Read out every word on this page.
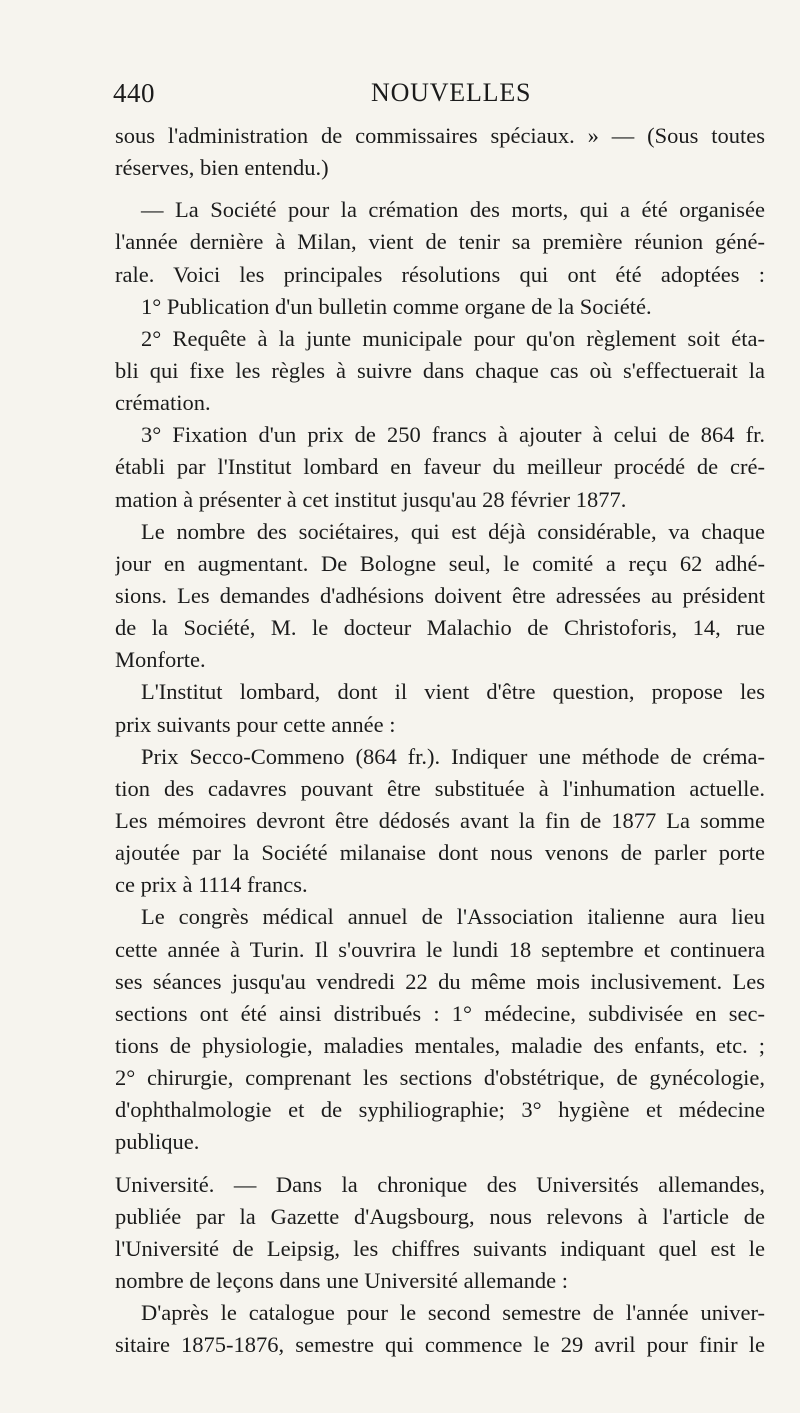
440	NOUVELLES
sous l'administration de commissaires spéciaux. » — (Sous toutes
réserves, bien entendu.)
— La Société pour la crémation des morts, qui a été organisée
l'année dernière à Milan, vient de tenir sa première réunion géné-
rale. Voici les principales résolutions qui ont été adoptées :
1° Publication d'un bulletin comme organe de la Société.
2° Requête à la junte municipale pour qu'on règlement soit éta-
bli qui fixe les règles à suivre dans chaque cas où s'effectuerait la
crémation.
3° Fixation d'un prix de 250 francs à ajouter à celui de 864 fr.
établi par l'Institut lombard en faveur du meilleur procédé de cré-
mation à présenter à cet institut jusqu'au 28 février 1877.
Le nombre des sociétaires, qui est déjà considérable, va chaque
jour en augmentant. De Bologne seul, le comité a reçu 62 adhé-
sions. Les demandes d'adhésions doivent être adressées au président
de la Société, M. le docteur Malachio de Christoforis, 14, rue
Monforte.
L'Institut lombard, dont il vient d'être question, propose les
prix suivants pour cette année :
Prix Secco-Commeno (864 fr.). Indiquer une méthode de créma-
tion des cadavres pouvant être substituée à l'inhumation actuelle.
Les mémoires devront être dédosés avant la fin de 1877 La somme
ajoutée par la Société milanaise dont nous venons de parler porte
ce prix à 1114 francs.
Le congrès médical annuel de l'Association italienne aura lieu
cette année à Turin. Il s'ouvrira le lundi 18 septembre et continuera
ses séances jusqu'au vendredi 22 du même mois inclusivement. Les
sections ont été ainsi distribués : 1° médecine, subdivisée en sec-
tions de physiologie, maladies mentales, maladie des enfants, etc. ;
2° chirurgie, comprenant les sections d'obstétrique, de gynécologie,
d'ophthalmologie et de syphiliographie; 3° hygiène et médecine
publique.
Université. — Dans la chronique des Universités allemandes,
publiée par la Gazette d'Augsbourg, nous relevons à l'article de
l'Université de Leipsig, les chiffres suivants indiquant quel est le
nombre de leçons dans une Université allemande :
D'après le catalogue pour le second semestre de l'année univer-
sitaire 1875-1876, semestre qui commence le 29 avril pour finir le
